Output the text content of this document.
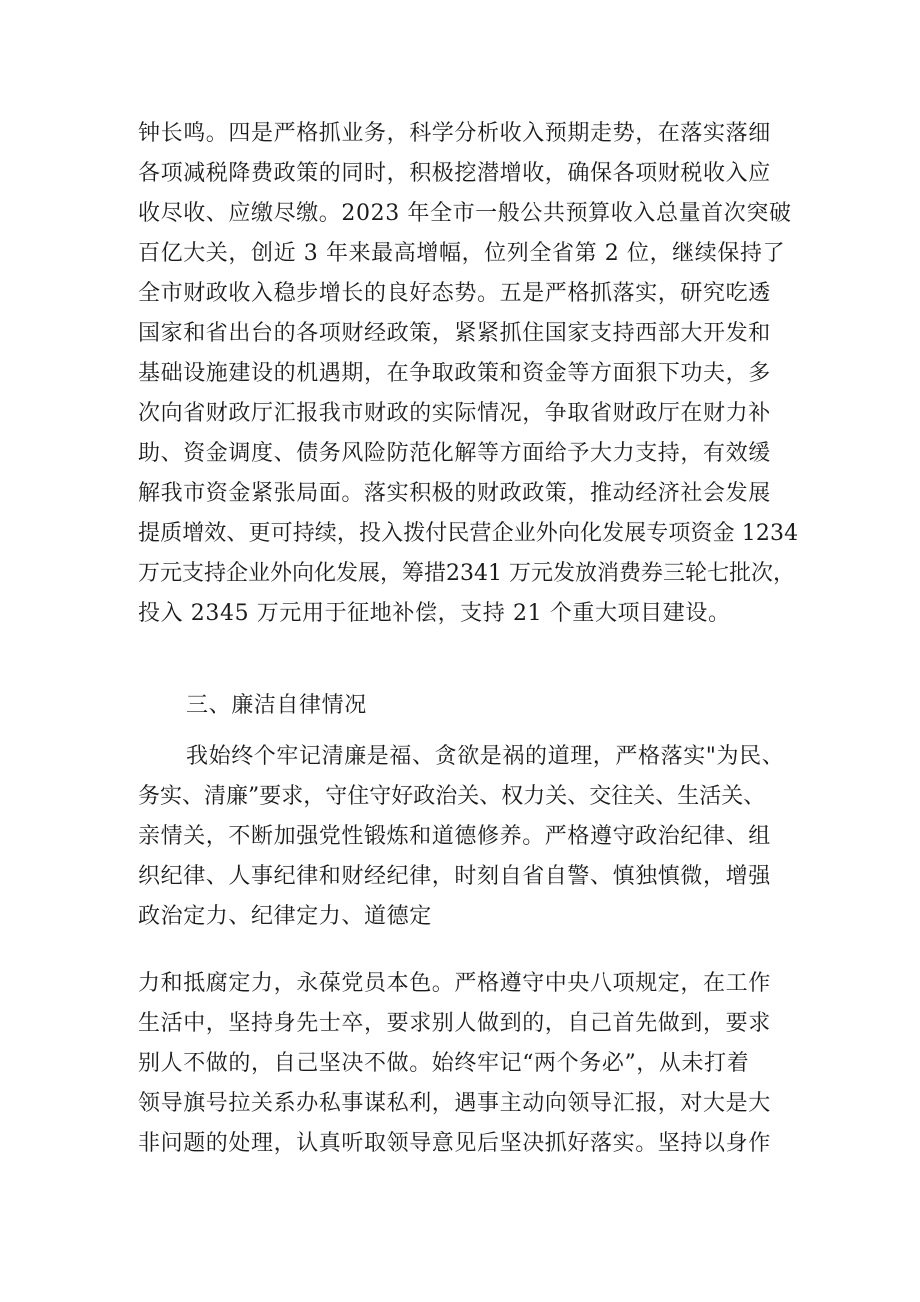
钟长鸣。四是严格抓业务，科学分析收入预期走势，在落实落细
各项减税降费政策的同时，积极挖潜增收，确保各项财税收入应
收尽收、应缴尽缴。2023 年全市一般公共预算收入总量首次突破
百亿大关，创近 3 年来最高增幅，位列全省第 2 位，继续保持了
全市财政收入稳步增长的良好态势。五是严格抓落实，研究吃透
国家和省出台的各项财经政策，紧紧抓住国家支持西部大开发和
基础设施建设的机遇期，在争取政策和资金等方面狠下功夫，多
次向省财政厅汇报我市财政的实际情况，争取省财政厅在财力补
助、资金调度、债务风险防范化解等方面给予大力支持，有效缓
解我市资金紧张局面。落实积极的财政政策，推动经济社会发展
提质增效、更可持续，投入拨付民营企业外向化发展专项资金 1234
万元支持企业外向化发展，筹措2341 万元发放消费券三轮七批次，
投入 2345 万元用于征地补偿，支持 21 个重大项目建设。
三、廉洁自律情况
我始终个牢记清廉是福、贪欲是祸的道理，严格落实"为民、
务实、清廉”要求，守住守好政治关、权力关、交往关、生活关、
亲情关，不断加强党性锻炼和道德修养。严格遵守政治纪律、组
织纪律、人事纪律和财经纪律，时刻自省自警、慎独慎微，增强
政治定力、纪律定力、道德定
力和抵腐定力，永葆党员本色。严格遵守中央八项规定，在工作
生活中，坚持身先士卒，要求别人做到的，自己首先做到，要求
别人不做的，自己坚决不做。始终牢记“两个务必”，从未打着
领导旗号拉关系办私事谋私利，遇事主动向领导汇报，对大是大
非问题的处理，认真听取领导意见后坚决抓好落实。坚持以身作
